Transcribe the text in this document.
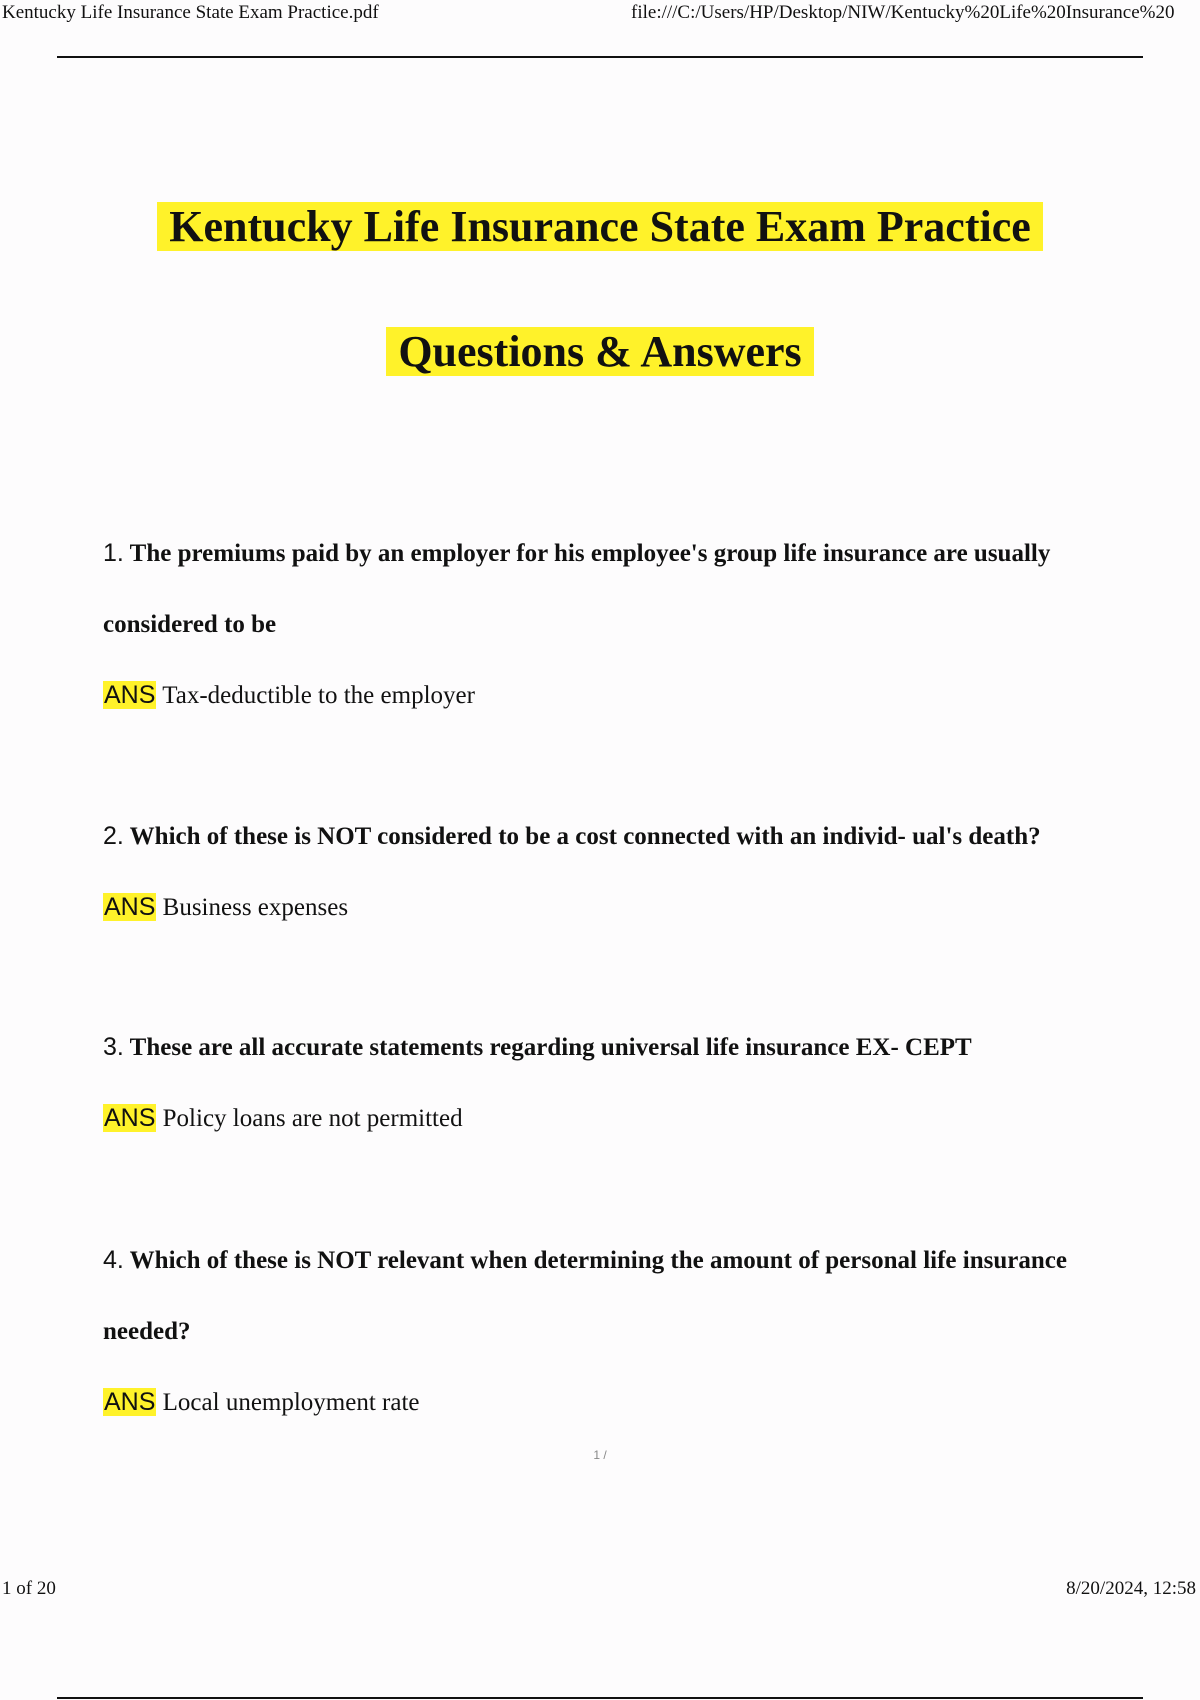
Kentucky Life Insurance State Exam Practice.pdf	file:///C:/Users/HP/Desktop/NIW/Kentucky%20Life%20Insurance%20
Kentucky Life Insurance State Exam Practice
Questions & Answers
1. The premiums paid by an employer for his employee's group life insurance are usually considered to be
ANS Tax-deductible to the employer
2. Which of these is NOT considered to be a cost connected with an individ- ual's death?
ANS Business expenses
3. These are all accurate statements regarding universal life insurance EX- CEPT
ANS Policy loans are not permitted
4. Which of these is NOT relevant when determining the amount of personal life insurance needed?
ANS Local unemployment rate
1 /
1 of 20	8/20/2024, 12:58
